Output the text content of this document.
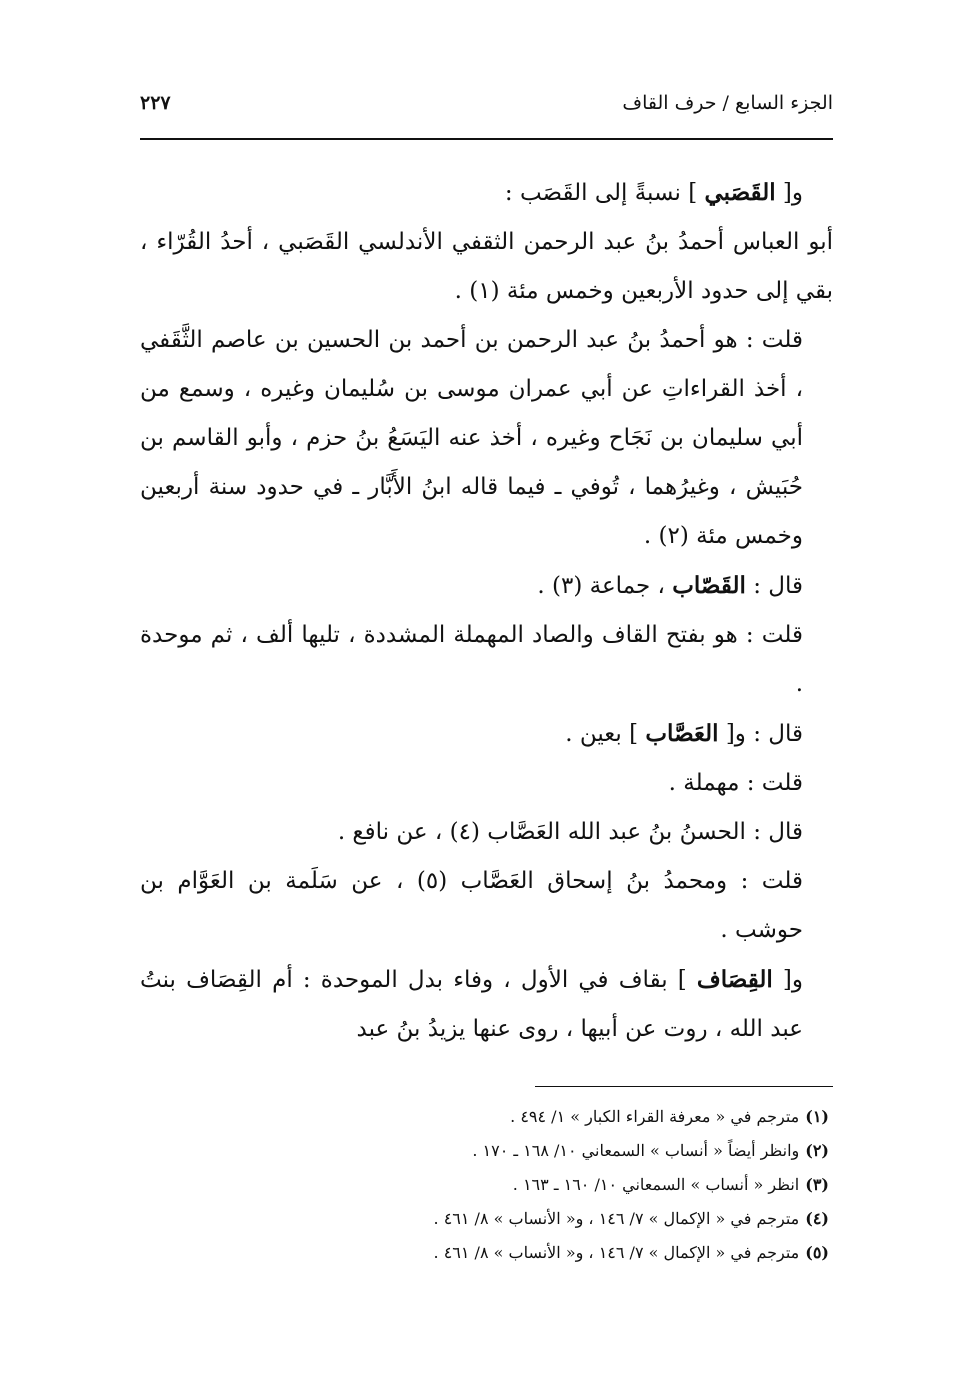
الجزء السابع / حرف القاف
٢٢٧

و[ القَصَبي ] نسبةً إلى القَصَب :

أبو العباس أحمدُ بنُ عبد الرحمن الثقفي الأندلسي القَصَبي ، أحدُ القُرّاء ، بقي إلى حدود الأربعين وخمس مئة (١) .

قلت : هو أحمدُ بنُ عبد الرحمن بن أحمد بن الحسين بن عاصم الثَّقَفي ، أخذ القراءاتِ عن أبي عمران موسى بن سُليمان وغيره ، وسمع من أبي سليمان بن نَجَاح وغيره ، أخذ عنه اليَسَعُ بنُ حزم ، وأبو القاسم بن حُبَيش ، وغيرُهما ، تُوفي ـ فيما قاله ابنُ الأَبَّار ـ في حدود سنة أربعين وخمس مئة (٢) .

قال : القَصّاب ، جماعة (٣) .

قلت : هو بفتح القاف والصاد المهملة المشددة ، تليها ألف ، ثم موحدة .

قال : و[ العَصَّاب ] بعين .

قلت : مهملة .

قال : الحسنُ بنُ عبد الله العَصَّاب (٤) ، عن نافع .

قلت : ومحمدُ بنُ إسحاق العَصَّاب (٥) ، عن سَلَمة بن العَوَّام بن حوشب .

و[ القِصَاف ] بقاف في الأول ، وفاء بدل الموحدة : أم القِصَاف بنتُ عبد الله ، روت عن أبيها ، روى عنها يزيدُ بنُ عبد

(١)مترجم في « معرفة القراء الكبار » ١/ ٤٩٤ .

(٢)وانظر أيضاً « أنساب » السمعاني ١٠/ ١٦٨ ـ ١٧٠ .

(٣)انظر « أنساب » السمعاني ١٠/ ١٦٠ ـ ١٦٣ .

(٤)مترجم في « الإكمال » ٧/ ١٤٦ ، و« الأنساب » ٨/ ٤٦١ .

(٥)مترجم في « الإكمال » ٧/ ١٤٦ ، و« الأنساب » ٨/ ٤٦١ .
